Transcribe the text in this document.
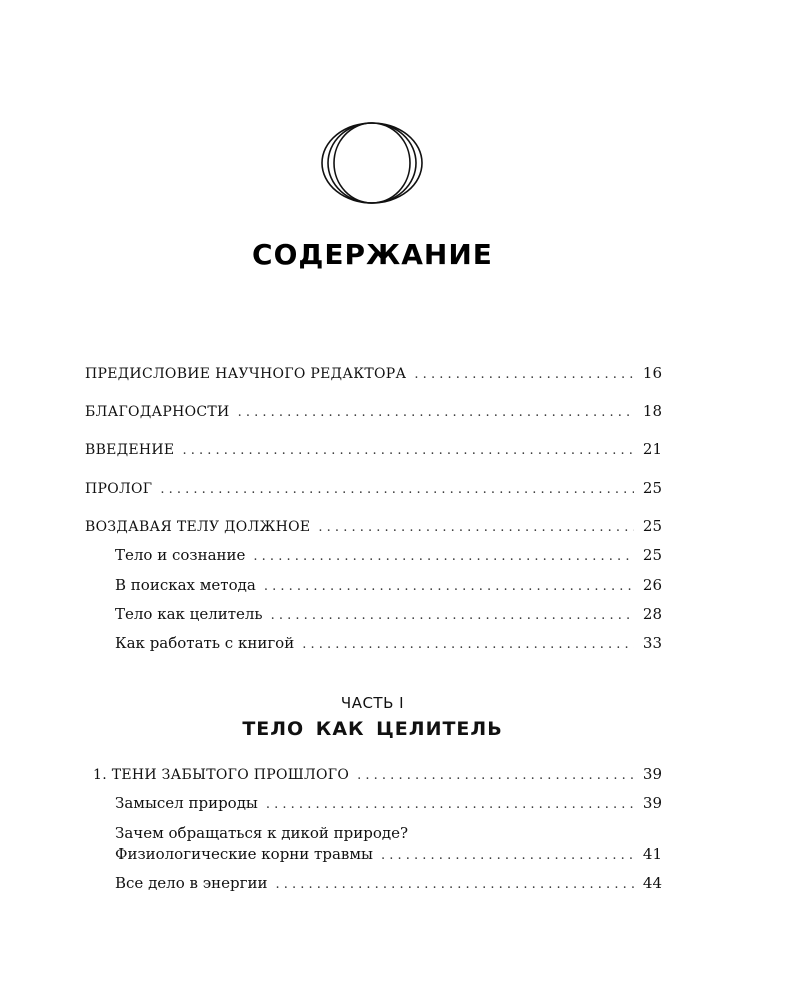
СОДЕРЖАНИЕ
ПРЕДИСЛОВИЕ НАУЧНОГО РЕДАКТОРА . . .	16
БЛАГОДАРНОСТИ . . .	18
ВВЕДЕНИЕ . . .	21
ПРОЛОГ . . .	25
ВОЗДАВАЯ ТЕЛУ ДОЛЖНОЕ . . .	25
Тело и сознание . . .	25
В поисках метода . . .	26
Тело как целитель . . .	28
Как работать с книгой . . .	33
ЧАСТЬ I
ТЕЛО КАК ЦЕЛИТЕЛЬ
1. ТЕНИ ЗАБЫТОГО ПРОШЛОГО . . .	39
Замысел природы . . .	39
Зачем обращаться к дикой природе?
Физиологические корни травмы . . .	41
Все дело в энергии . . .	44
